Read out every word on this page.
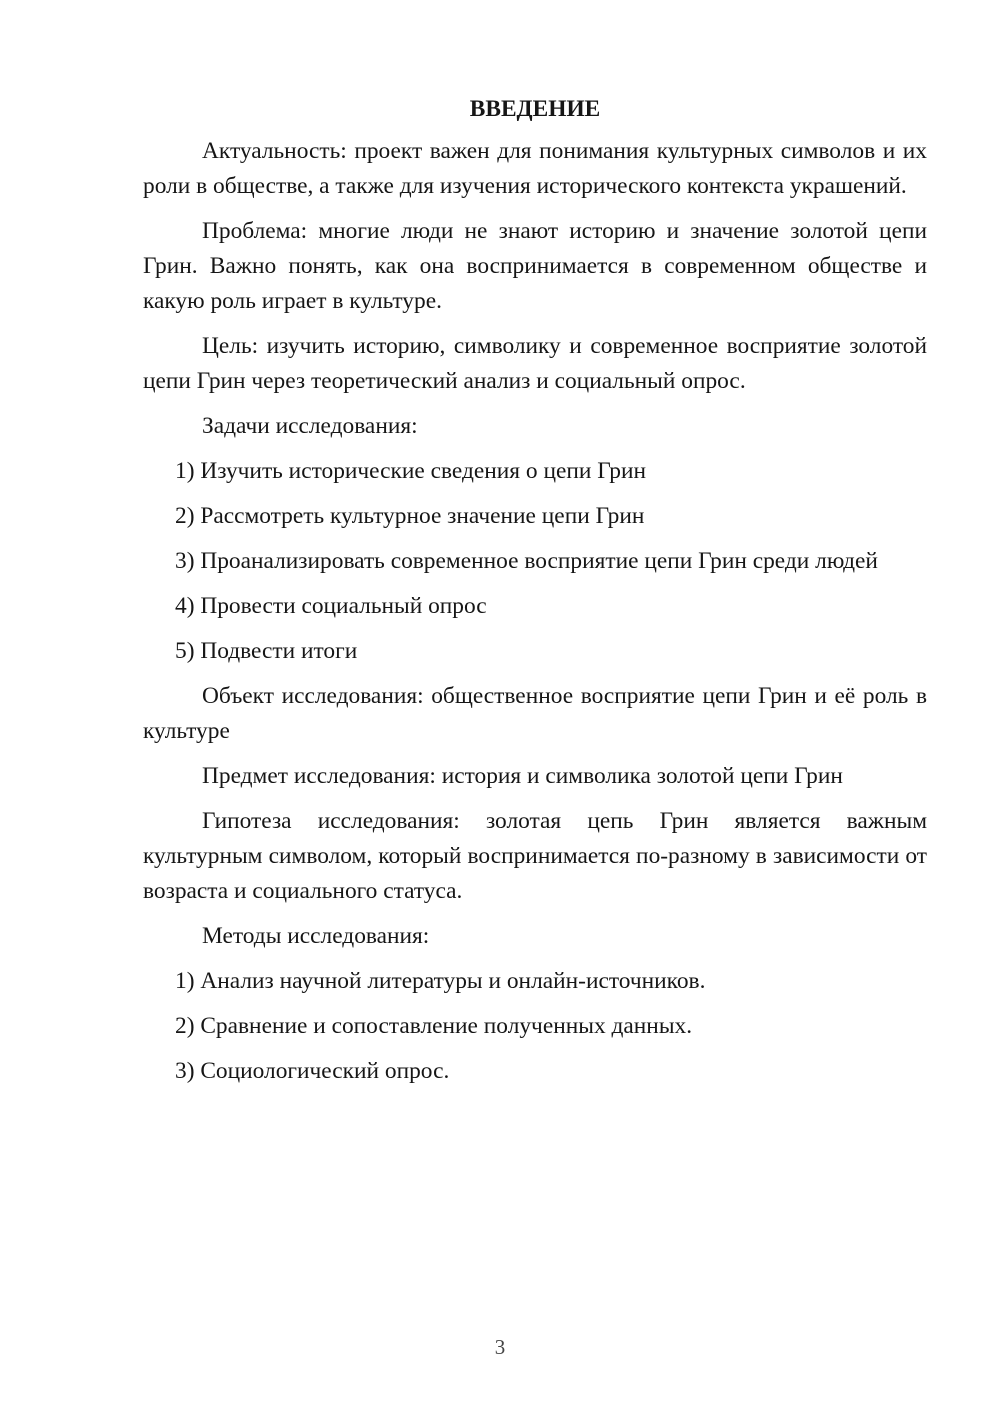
ВВЕДЕНИЕ

Актуальность: проект важен для понимания культурных символов и их роли в обществе, а также для изучения исторического контекста украшений.

Проблема: многие люди не знают историю и значение золотой цепи Грин. Важно понять, как она воспринимается в современном обществе и какую роль играет в культуре.

Цель: изучить историю, символику и современное восприятие золотой цепи Грин через теоретический анализ и социальный опрос.

Задачи исследования:

1) Изучить исторические сведения о цепи Грин
2) Рассмотреть культурное значение цепи Грин
3) Проанализировать современное восприятие цепи Грин среди людей
4) Провести социальный опрос
5) Подвести итоги

Объект исследования: общественное восприятие цепи Грин и её роль в культуре

Предмет исследования: история и символика золотой цепи Грин

Гипотеза исследования: золотая цепь Грин является важным культурным символом, который воспринимается по-разному в зависимости от возраста и социального статуса.

Методы исследования:

1) Анализ научной литературы и онлайн-источников.
2) Сравнение и сопоставление полученных данных.
3) Социологический опрос.
3
